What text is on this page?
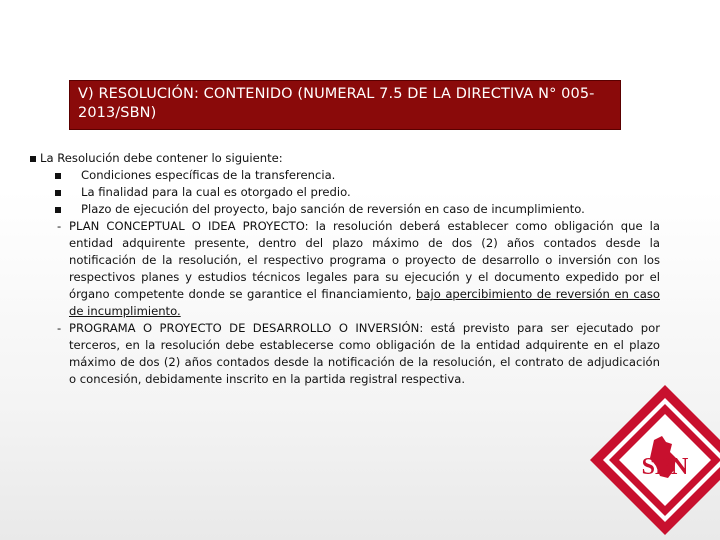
V) RESOLUCIÓN: CONTENIDO (NUMERAL 7.5 DE LA DIRECTIVA N° 005-2013/SBN)

La Resolución debe contener lo siguiente:
Condiciones específicas de la transferencia.
La finalidad para la cual es otorgado el predio.
Plazo de ejecución del proyecto, bajo sanción de reversión en caso de incumplimiento.
- PLAN CONCEPTUAL O IDEA PROYECTO: la resolución deberá establecer como obligación que la entidad adquirente presente, dentro del plazo máximo de dos (2) años contados desde la notificación de la resolución, el respectivo programa o proyecto de desarrollo o inversión con los respectivos planes y estudios técnicos legales para su ejecución y el documento expedido por el órgano competente donde se garantice el financiamiento, bajo apercibimiento de reversión en caso de incumplimiento.
- PROGRAMA O PROYECTO DE DESARROLLO O INVERSIÓN: está previsto para ser ejecutado por terceros, en la resolución debe establecerse como obligación de la entidad adquirente en el plazo máximo de dos (2) años contados desde la notificación de la resolución, el contrato de adjudicación o concesión, debidamente inscrito en la partida registral respectiva.
SBN
